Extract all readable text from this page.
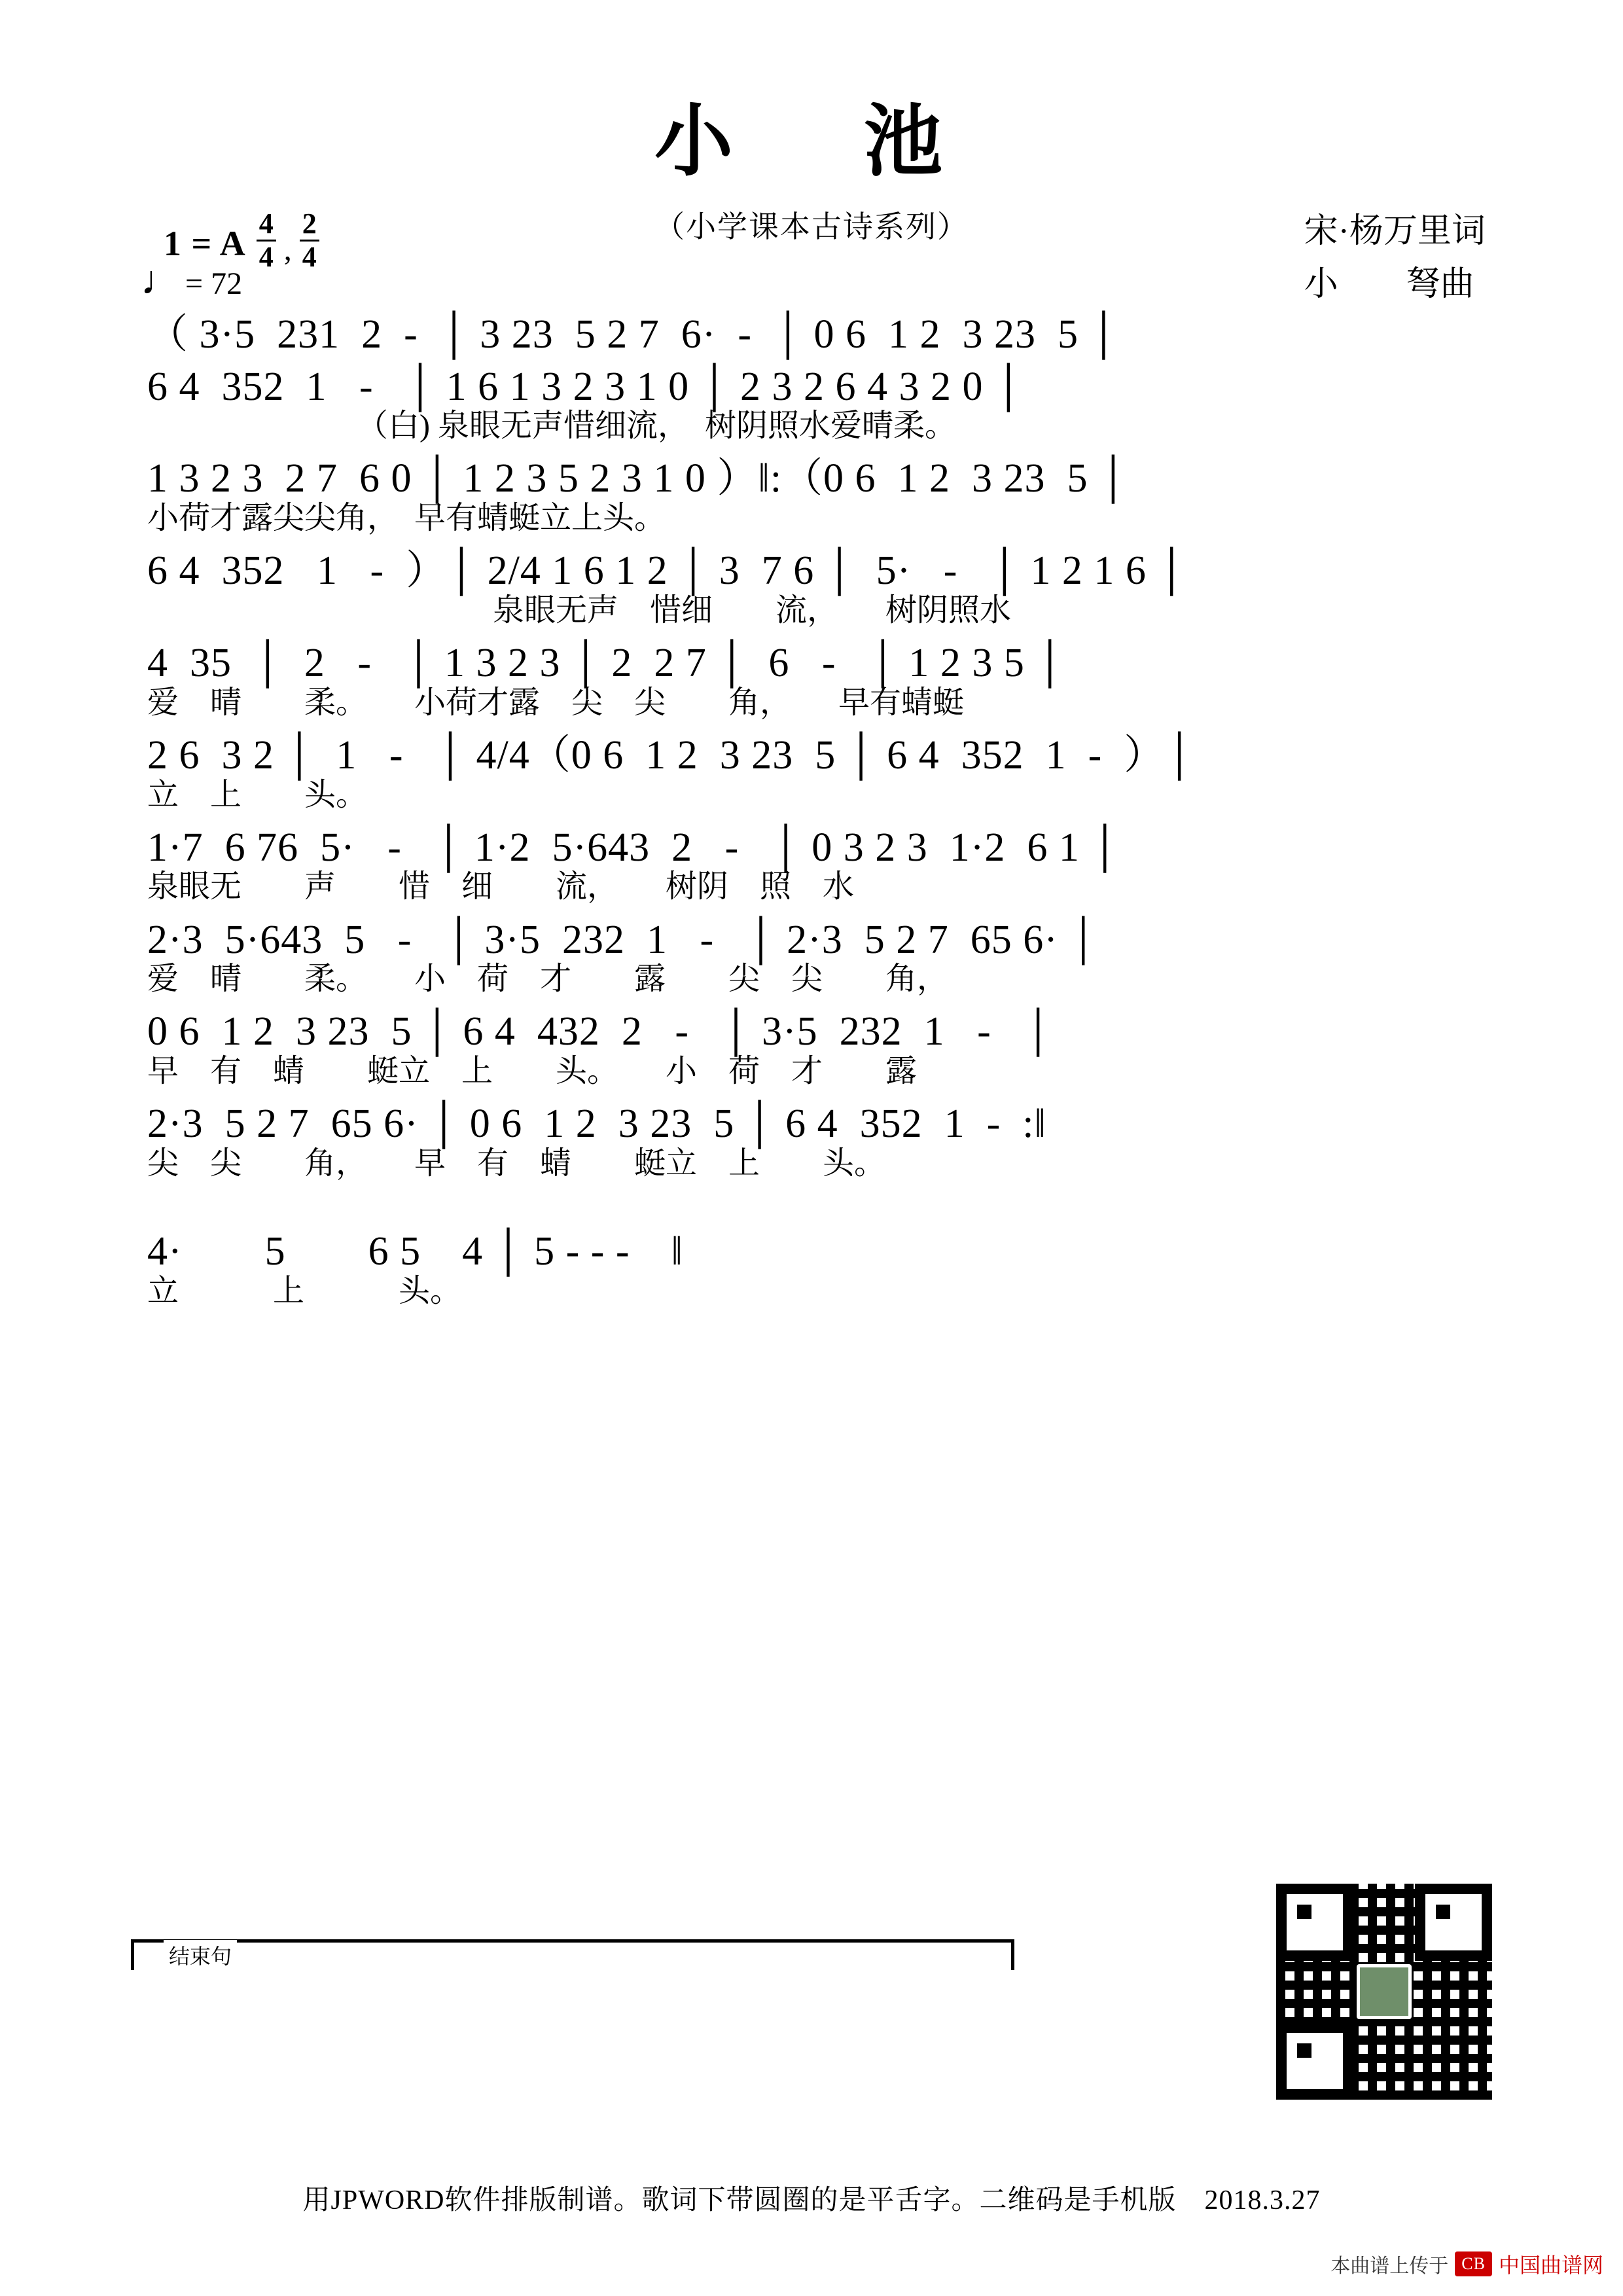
小　池
（小学课本古诗系列）
1 = A $\frac{4}{4}$ , $\frac{2}{4}$
♩ = 72
宋·杨万里词
小　　弩曲
（ 3·5  231  2  -  │ 3 23  5 2 7  6·  -  │ 0 6  1 2  3 23  5 │
6 4  352  1   -   │ 1 6 1 3 2 3 1 0 │ 2 3 2 6 4 3 2 0 │
（白) 泉眼无声惜细流，　树阴照水爱晴柔。
1 3 2 3  2 7  6 0 │ 1 2 3 5 2 3 1 0 ）‖:（0 6  1 2  3 23  5 │
小荷才露尖尖角，　早有蜻蜓立上头。
6 4  352   1   -  ）│ 2/4 1 6 1 2 │ 3  7 6 │  5·   -   │ 1 2 1 6 │
　　　　　　　　　　　泉眼无声　惜细　　流，　　树阴照水
4  35  │  2   -   │ 1 3 2 3 │ 2  2 7 │  6   -   │ 1 2 3 5 │
爱　晴　　柔。　　小荷才露　尖　尖　　角，　　早有蜻蜓
2 6  3 2 │  1   -   │ 4/4（0 6  1 2  3 23  5 │ 6 4  352  1  -  ）│
立　上　　头。
1·7  6 76  5·   -   │ 1·2  5·643  2   -   │ 0 3 2 3  1·2  6 1 │
泉眼无　　声　　惜　细　　流，　　树阴　照　水
2·3  5·643  5   -   │ 3·5  232  1   -   │ 2·3  5 2 7  65 6· │
爱　晴　　柔。　　小　荷　才　　露　　尖　尖　　角，
0 6  1 2  3 23  5 │ 6 4  432  2   -   │ 3·5  232  1   -   │
早　有　蜻　　蜓立　上　　头。　　小　荷　才　　露
2·3  5 2 7  65 6· │ 0 6  1 2  3 23  5 │ 6 4  352  1  -  :‖
尖　尖　　角，　　早　有　蜻　　蜓立　上　　头。
4·　　5　　6 5　4 │ 5 - - -　‖
立　　　上　　　头。
结束句
用JPWORD软件排版制谱。歌词下带圆圈的是平舌字。二维码是手机版　2018.3.27
本曲谱上传于 CB 中国曲谱网
